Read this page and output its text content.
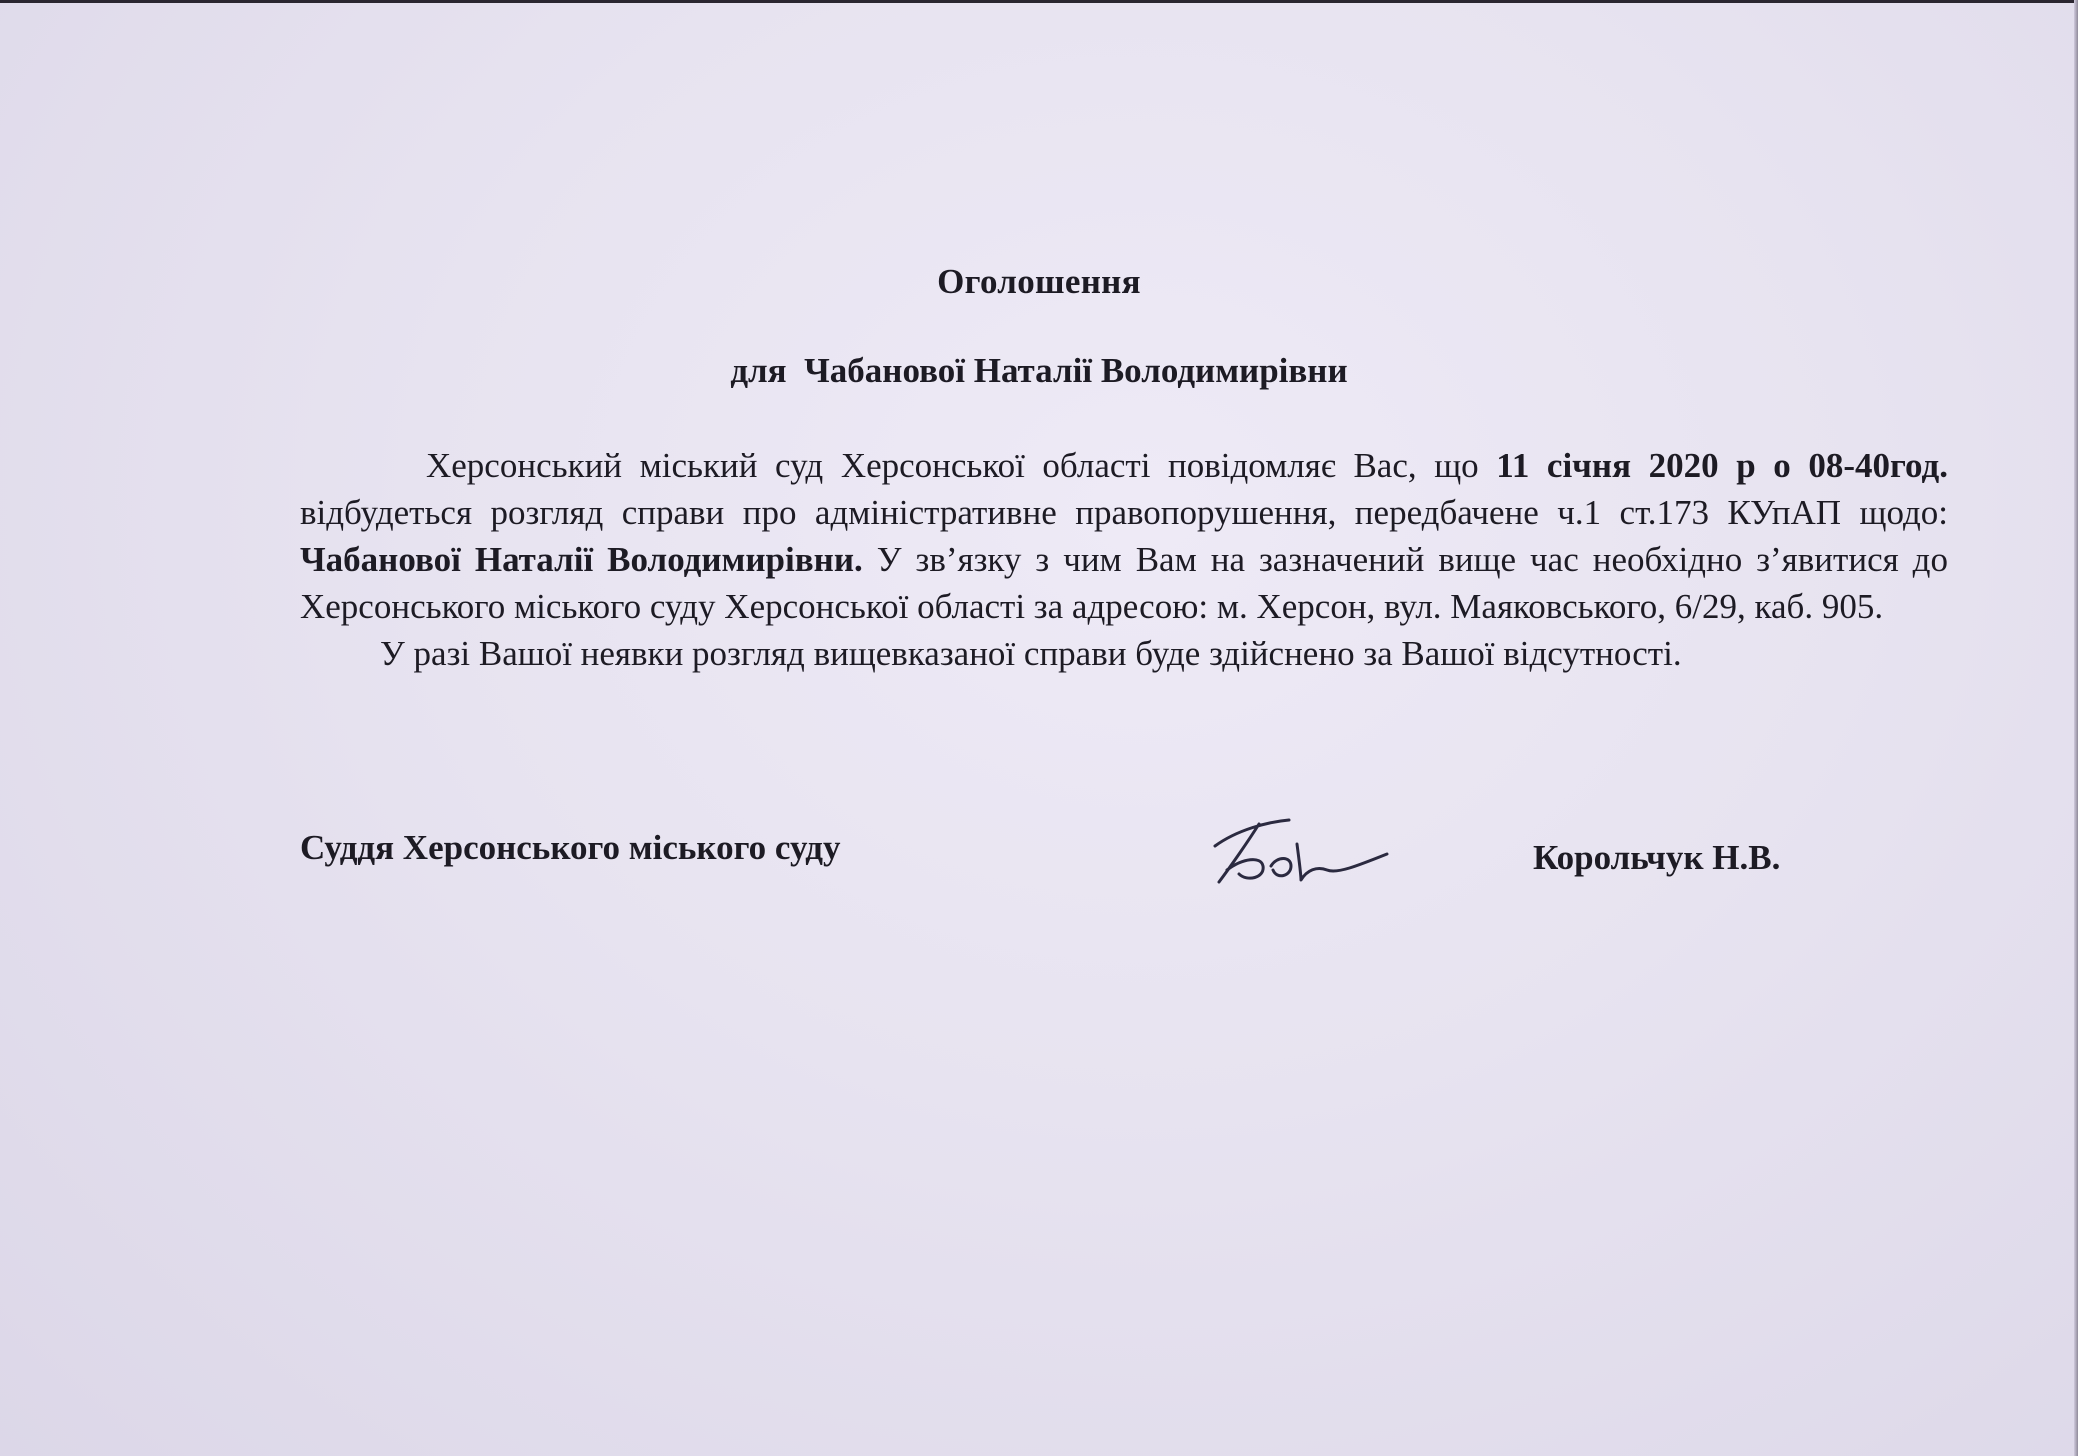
Оголошення
для  Чабанової Наталії Володимирівни

Херсонський міський суд Херсонської області повідомляє Вас, що 11 січня 2020 р о 08-40год. відбудеться розгляд справи про адміністративне правопорушення, передбачене ч.1 ст.173 КУпАП щодо: Чабанової Наталії Володимирівни. У зв’язку з чим Вам на зазначений вище час необхідно з’явитися до Херсонського міського суду Херсонської області за адресою: м. Херсон, вул. Маяковського, 6/29, каб. 905.

У разі Вашої неявки розгляд вищевказаної справи буде здійснено за Вашої відсутності.

Суддя Херсонського міського суду	Корольчук Н.В.
